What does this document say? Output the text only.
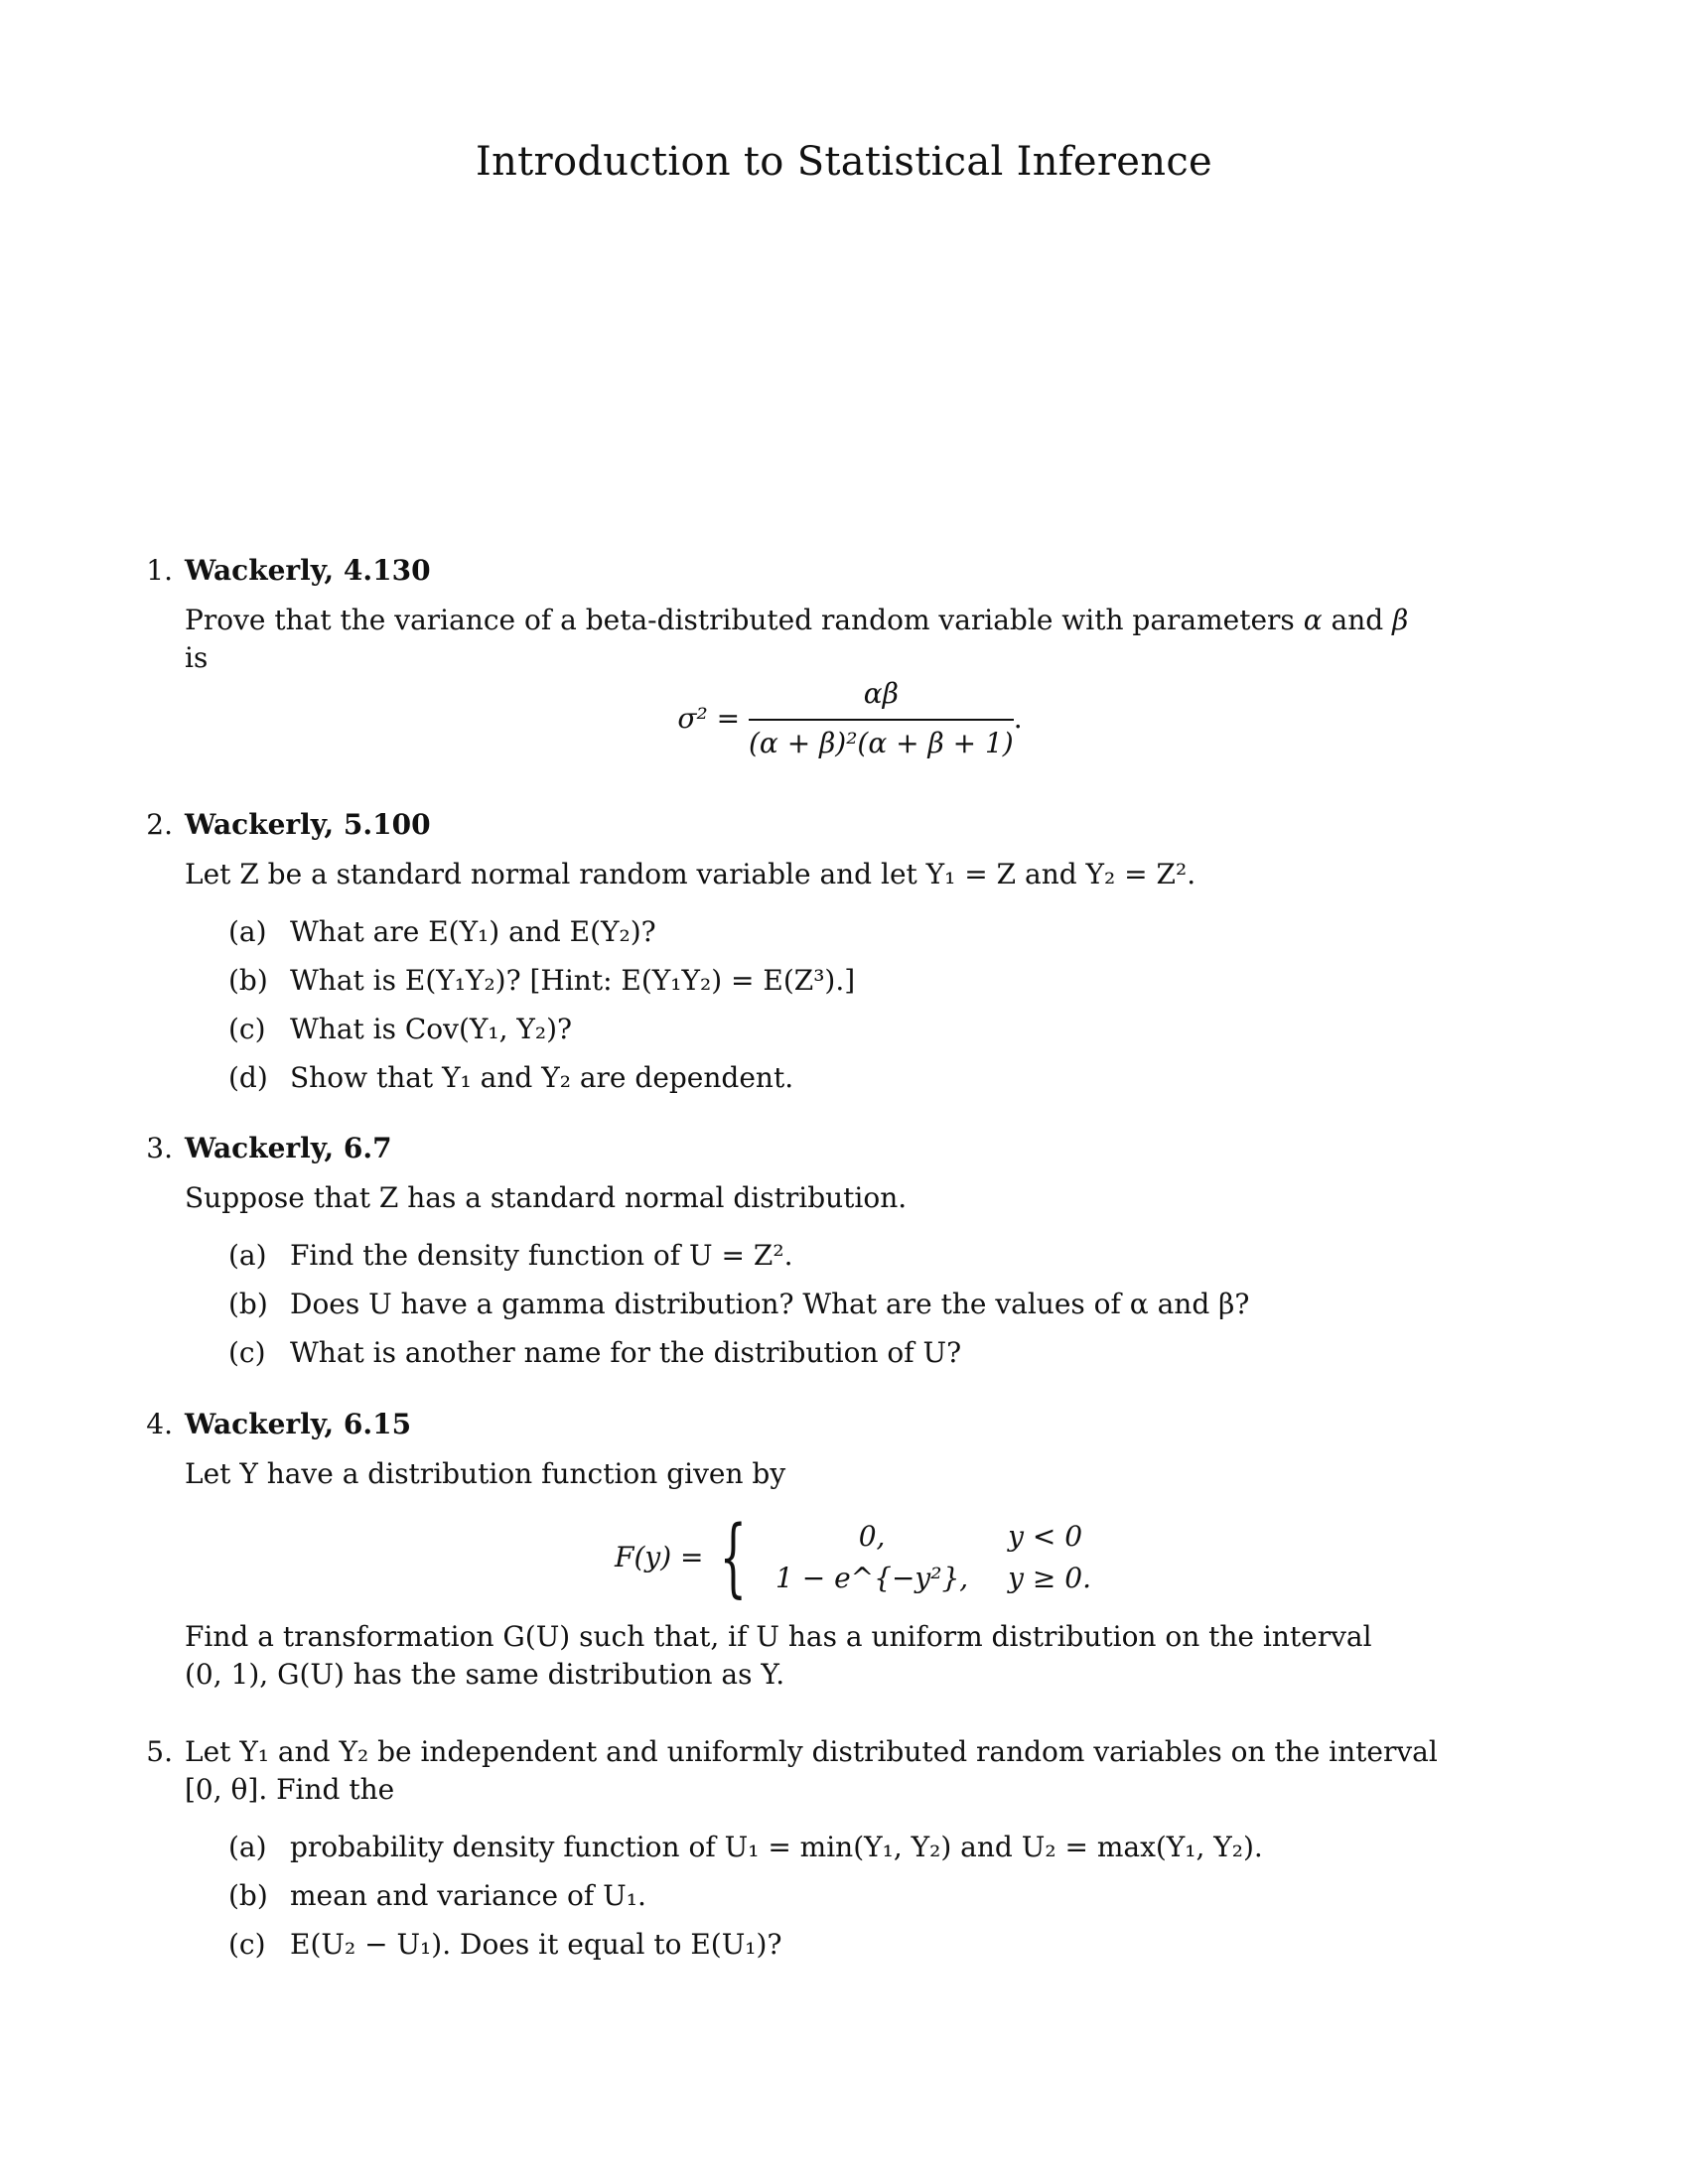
Introduction to Statistical Inference
1. Wackerly, 4.130
Prove that the variance of a beta-distributed random variable with parameters α and β
is
$\sigma^2 = \frac{\alpha\beta}{\text{(α + β)²(α + β + 1)}}$ .
2. Wackerly, 5.100
Let Z be a standard normal random variable and let Y₁ = Z and Y₂ = Z².
(a) What are E(Y₁) and E(Y₂)?
(b) What is E(Y₁Y₂)? [Hint: E(Y₁Y₂) = E(Z³).]
(c) What is Cov(Y₁, Y₂)?
(d) Show that Y₁ and Y₂ are dependent.
3. Wackerly, 6.7
Suppose that Z has a standard normal distribution.
(a) Find the density function of U = Z².
(b) Does U have a gamma distribution? What are the values of α and β?
(c) What is another name for the distribution of U?
4. Wackerly, 6.15
Let Y have a distribution function given by
F(y) = {	0,	y < 0
1 − e^{−y²},	y ≥ 0.
Find a transformation G(U) such that, if U has a uniform distribution on the interval
(0, 1), G(U) has the same distribution as Y.
5. Let Y₁ and Y₂ be independent and uniformly distributed random variables on the interval
[0, θ]. Find the
(a) probability density function of U₁ = min(Y₁, Y₂) and U₂ = max(Y₁, Y₂).
(b) mean and variance of U₁.
(c) E(U₂ − U₁). Does it equal to E(U₁)?
